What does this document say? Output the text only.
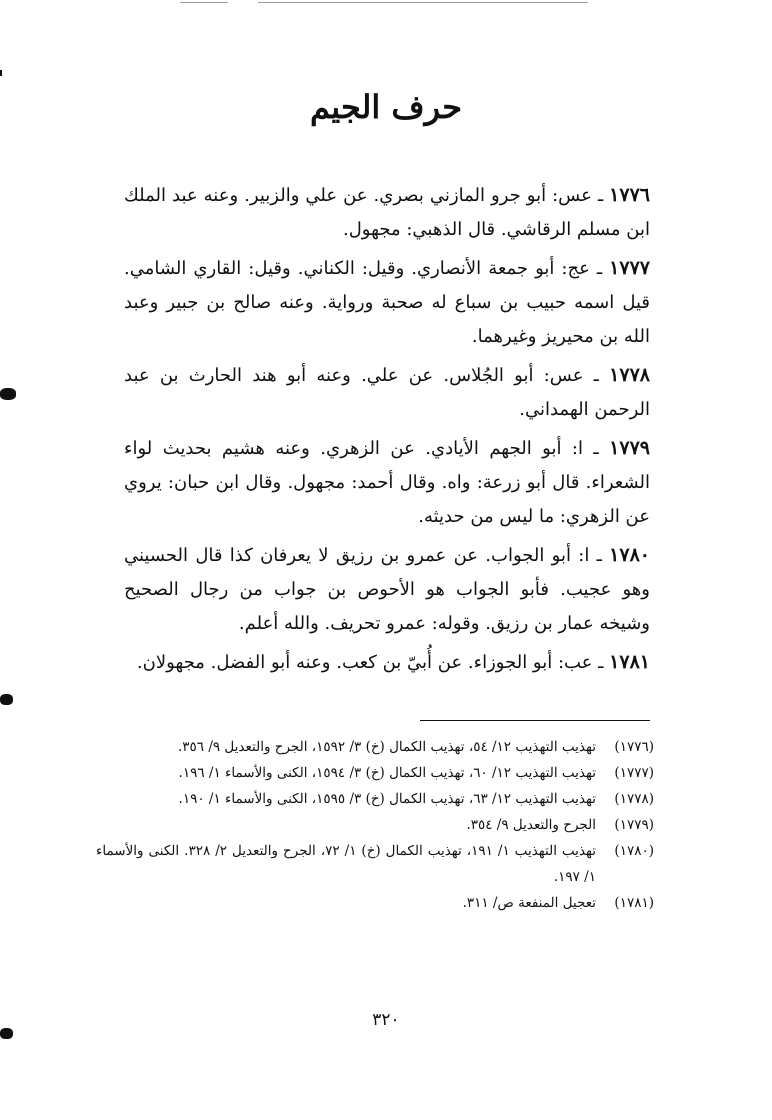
حرف الجيم

١٧٧٦ ـ عس: أبو جرو المازني بصري. عن علي والزبير. وعنه عبد الملك ابن مسلم الرقاشي. قال الذهبي: مجهول.

١٧٧٧ ـ عج: أبو جمعة الأنصاري. وقيل: الكناني. وقيل: القاري الشامي. قيل اسمه حبيب بن سباع له صحبة ورواية. وعنه صالح بن جبير وعبد الله بن محيريز وغيرهما.

١٧٧٨ ـ عس: أبو الجُلاس. عن علي. وعنه أبو هند الحارث بن عبد الرحمن الهمداني.

١٧٧٩ ـ ا: أبو الجهم الأيادي. عن الزهري. وعنه هشيم بحديث لواء الشعراء. قال أبو زرعة: واه. وقال أحمد: مجهول. وقال ابن حبان: يروي عن الزهري: ما ليس من حديثه.

١٧٨٠ ـ ا: أبو الجواب. عن عمرو بن رزيق لا يعرفان كذا قال الحسيني وهو عجيب. فأبو الجواب هو الأحوص بن جواب من رجال الصحيح وشيخه عمار بن رزيق. وقوله: عمرو تحريف. والله أعلم.

١٧٨١ ـ عب: أبو الجوزاء. عن أُبيّ بن كعب. وعنه أبو الفضل. مجهولان.

(١٧٧٦)
تهذيب التهذيب ١٢/ ٥٤، تهذيب الكمال (خ) ٣/ ١٥٩٢، الجرح والتعديل ٩/ ٣٥٦.
(١٧٧٧)
تهذيب التهذيب ١٢/ ٦٠، تهذيب الكمال (خ) ٣/ ١٥٩٤، الكنى والأسماء ١/ ١٩٦.
(١٧٧٨)
تهذيب التهذيب ١٢/ ٦٣، تهذيب الكمال (خ) ٣/ ١٥٩٥، الكنى والأسماء ١/ ١٩٠.
(١٧٧٩)
الجرح والتعديل ٩/ ٣٥٤.
(١٧٨٠)
تهذيب التهذيب ١/ ١٩١، تهذيب الكمال (خ) ١/ ٧٢، الجرح والتعديل ٢/ ٣٢٨. الكنى والأسماء ١/ ١٩٧.
(١٧٨١)
تعجيل المنفعة ص/ ٣١١.
٣٢٠
